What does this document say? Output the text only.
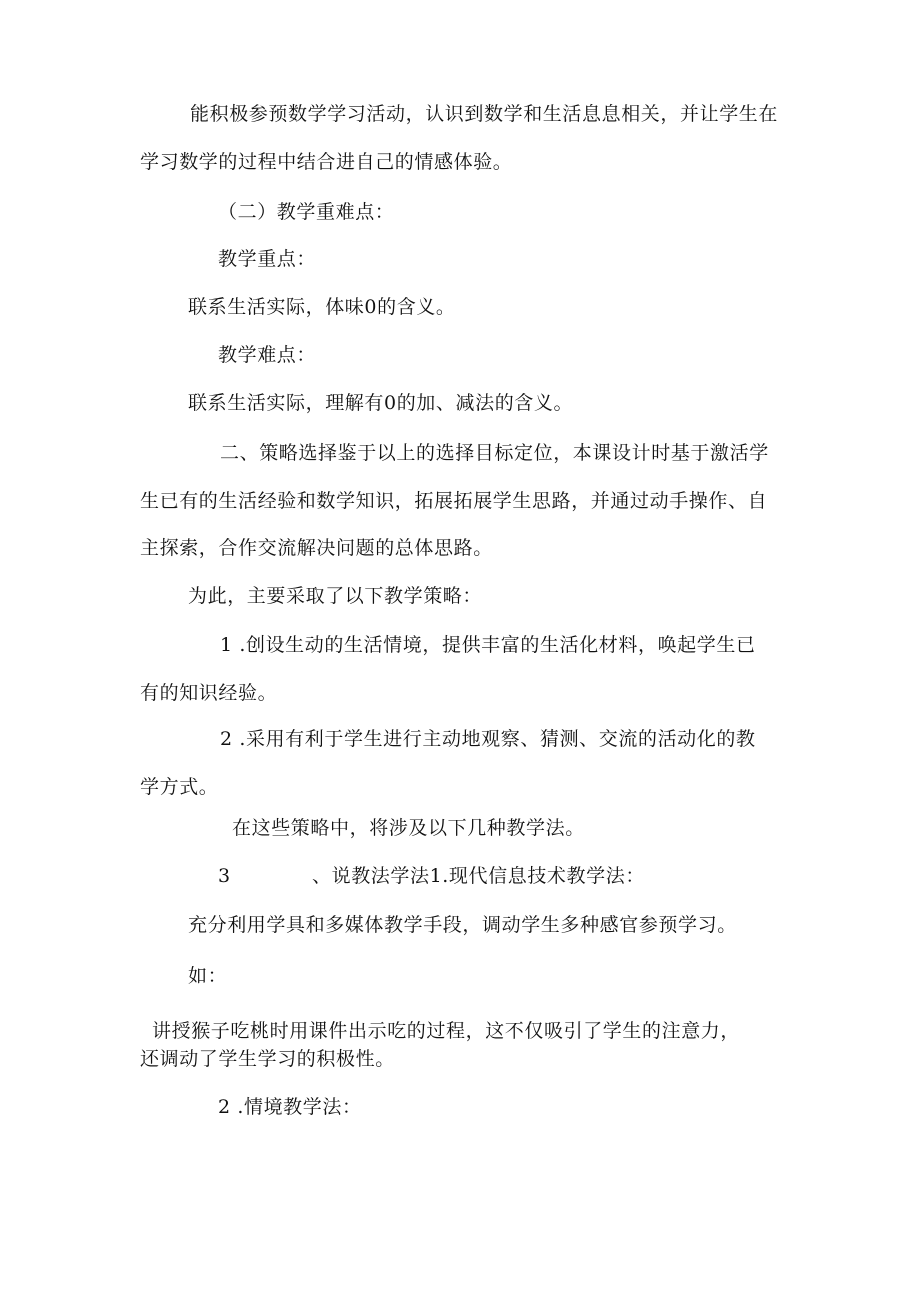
能积极参预数学学习活动，认识到数学和生活息息相关，并让学生在
学习数学的过程中结合进自己的情感体验。
（二）教学重难点：
教学重点：
联系生活实际，体味0的含义。
教学难点：
联系生活实际，理解有0的加、减法的含义。
二、策略选择鉴于以上的选择目标定位，本课设计时基于激活学
生已有的生活经验和数学知识，拓展拓展学生思路，并通过动手操作、自
主探索，合作交流解决问题的总体思路。
为此，主要采取了以下教学策略：
1 .创设生动的生活情境，提供丰富的生活化材料，唤起学生已
有的知识经验。
2 .采用有利于学生进行主动地观察、猜测、交流的活动化的教
学方式。
在这些策略中，将涉及以下几种教学法。
3	、说教法学法1.现代信息技术教学法：
充分利用学具和多媒体教学手段，调动学生多种感官参预学习。
如：
讲授猴子吃桃时用课件出示吃的过程，这不仅吸引了学生的注意力，
还调动了学生学习的积极性。
2 .情境教学法：
